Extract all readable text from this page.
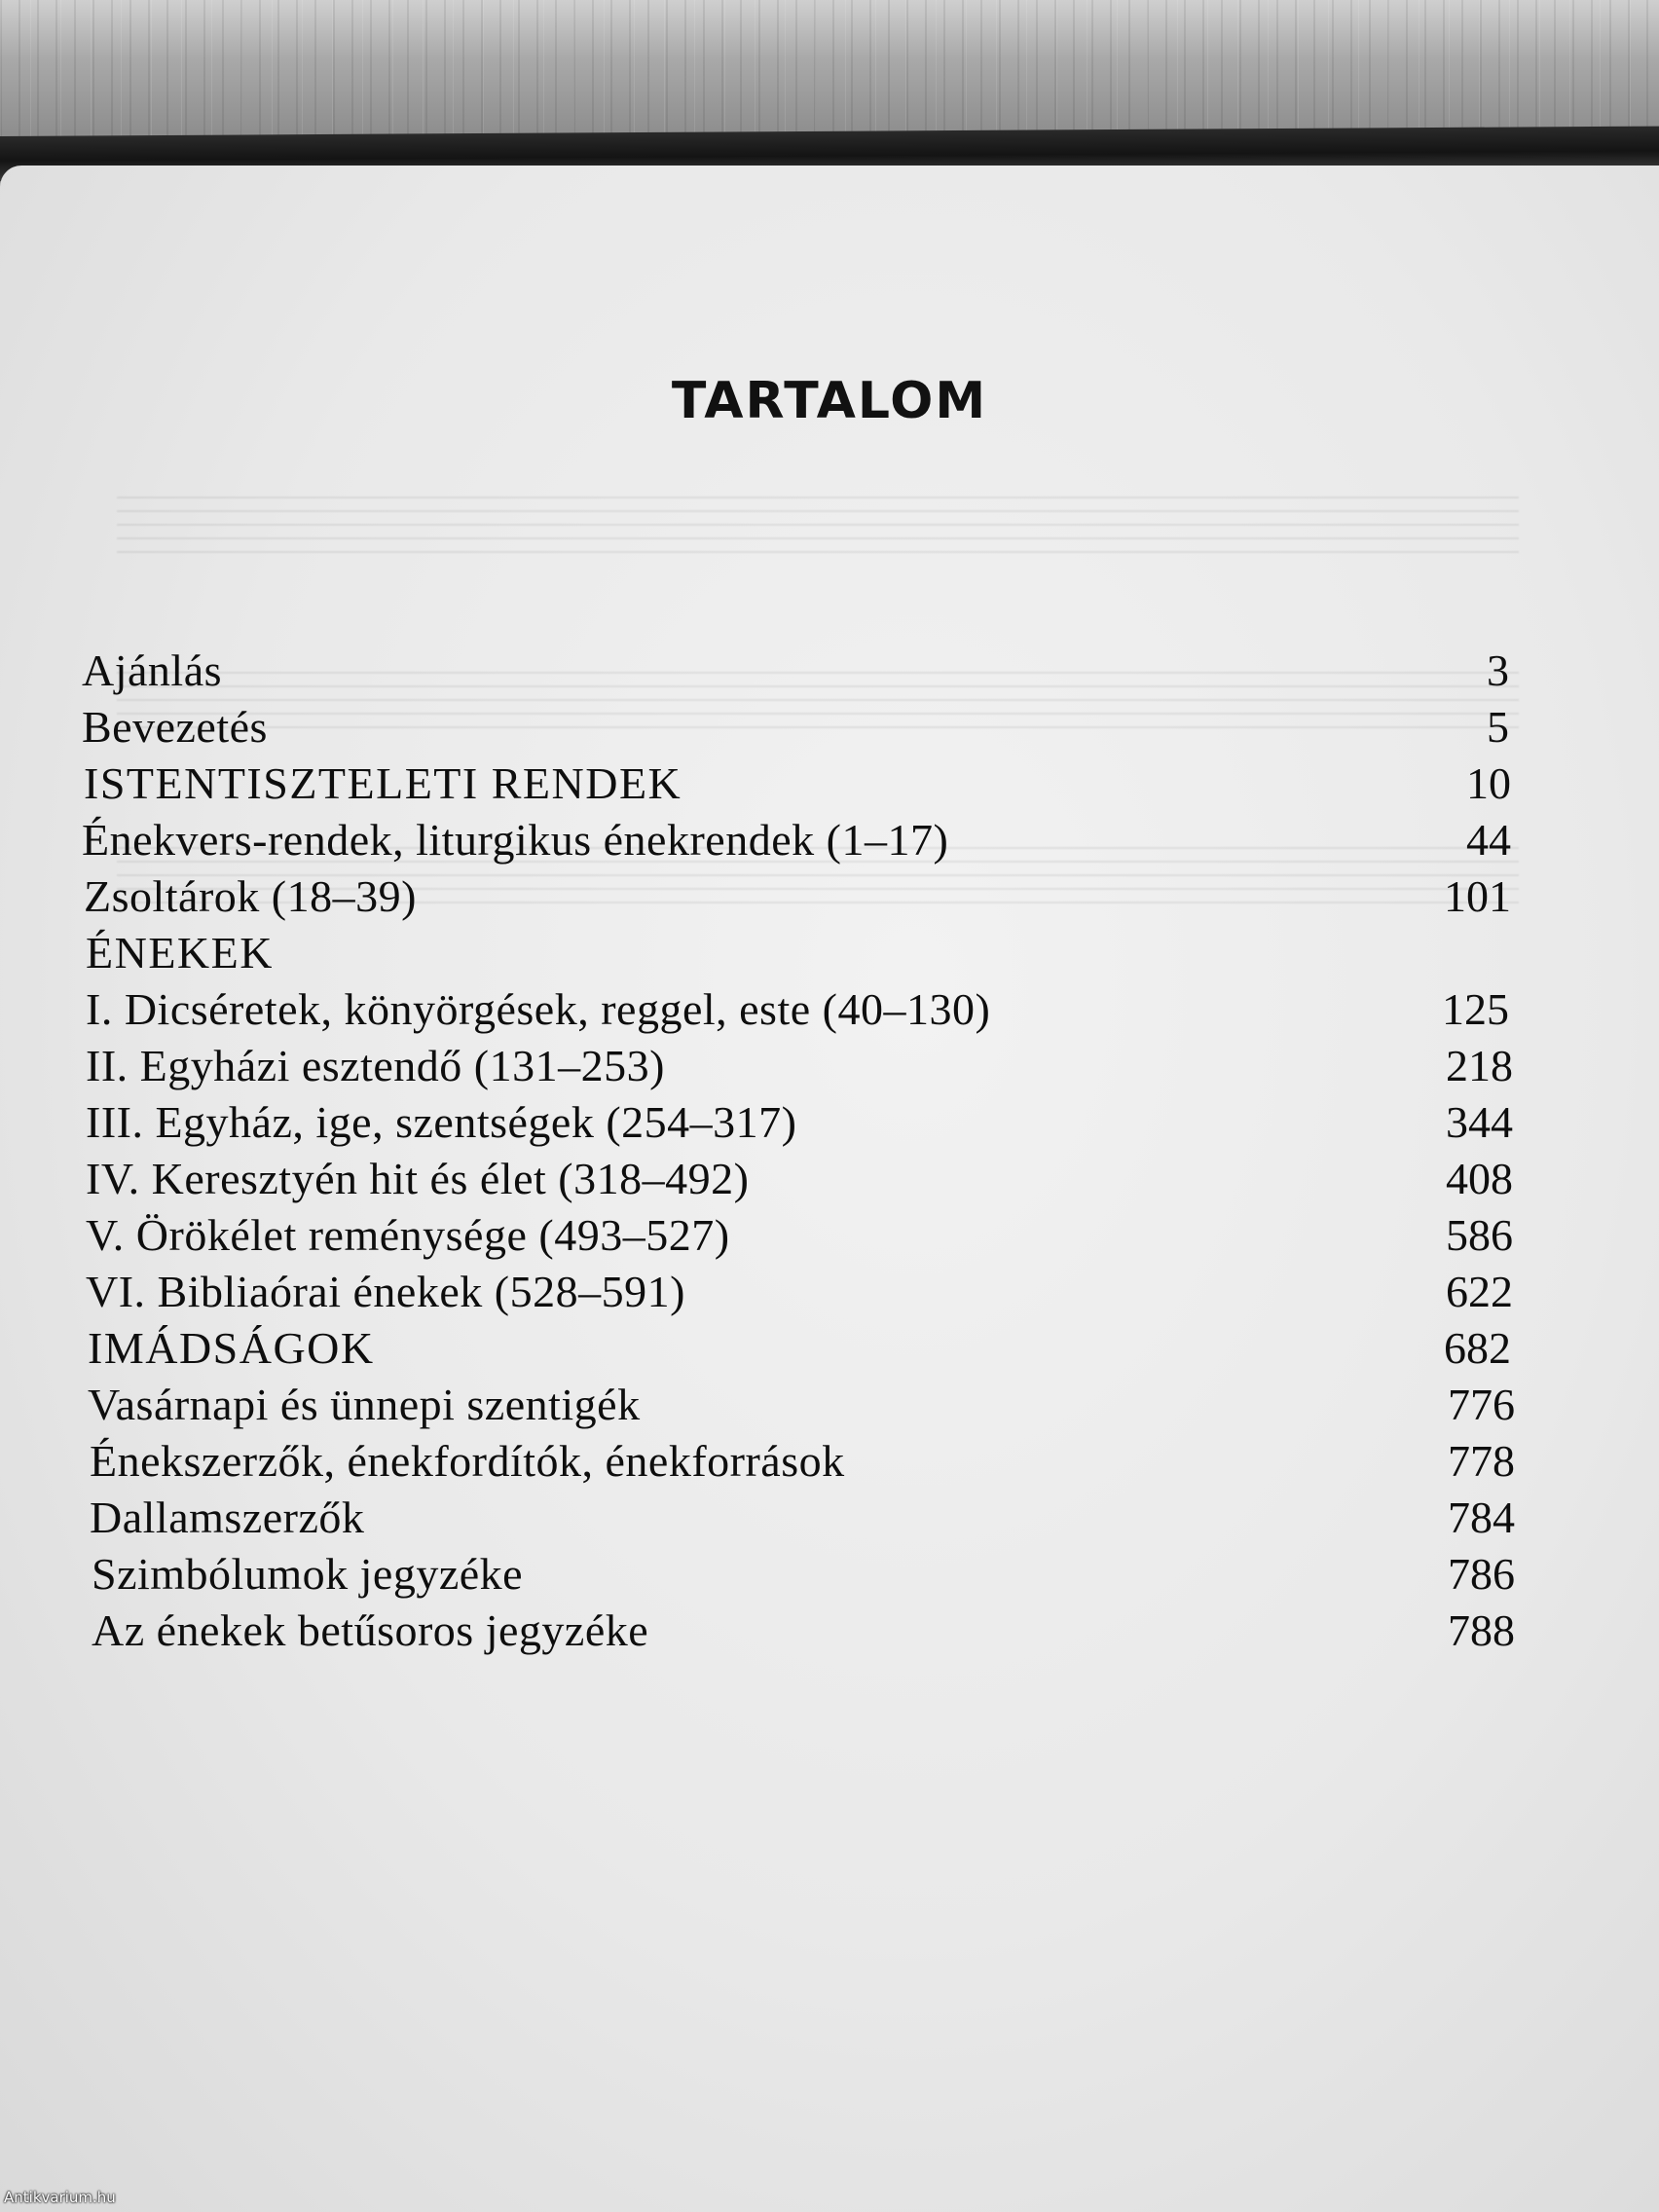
TARTALOM
Ajánlás	3
Bevezetés	5
ISTENTISZTELETI RENDEK	10
Énekvers-rendek, liturgikus énekrendek (1–17)	44
Zsoltárok (18–39)	101
ÉNEKEK
I. Dicséretek, könyörgések, reggel, este (40–130)	125
II. Egyházi esztendő (131–253)	218
III. Egyház, ige, szentségek (254–317)	344
IV. Keresztyén hit és élet (318–492)	408
V. Örökélet reménysége (493–527)	586
VI. Bibliaórai énekek (528–591)	622
IMÁDSÁGOK	682
Vasárnapi és ünnepi szentigék	776
Énekszerzők, énekfordítók, énekforrások	778
Dallamszerzők	784
Szimbólumok jegyzéke	786
Az énekek betűsoros jegyzéke	788
Antikvarium.hu
